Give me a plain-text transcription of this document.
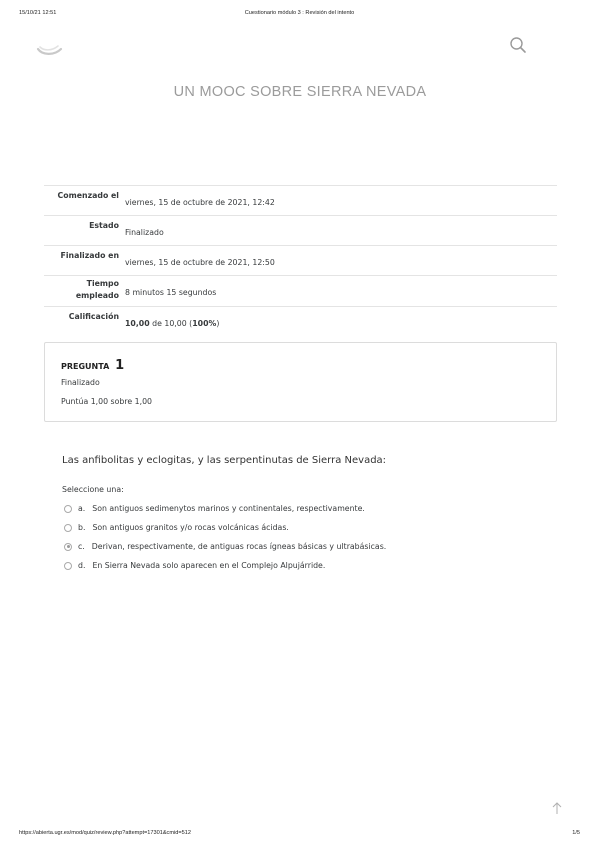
15/10/21 12:51	Cuestionario módulo 3 : Revisión del intento
UN MOOC SOBRE SIERRA NEVADA
Comenzado el
viernes, 15 de octubre de 2021, 12:42
Estado
Finalizado
Finalizado en
viernes, 15 de octubre de 2021, 12:50
Tiempo
empleado 8 minutos 15 segundos
Calificación
10,00 de 10,00 (100%)
PREGUNTA 1
Finalizado
Puntúa 1,00 sobre 1,00
Las anfibolitas y eclogitas, y las serpentinutas de Sierra Nevada:
Seleccione una:
a. Son antiguos sedimenytos marinos y continentales, respectivamente.
b. Son antiguos granitos y/o rocas volcánicas ácidas.
c. Derivan, respectivamente, de antiguas rocas ígneas básicas y ultrabásicas.
d. En Sierra Nevada solo aparecen en el Complejo Alpujárride.
https://abierta.ugr.es/mod/quiz/review.php?attempt=17301&cmid=512	1/5
